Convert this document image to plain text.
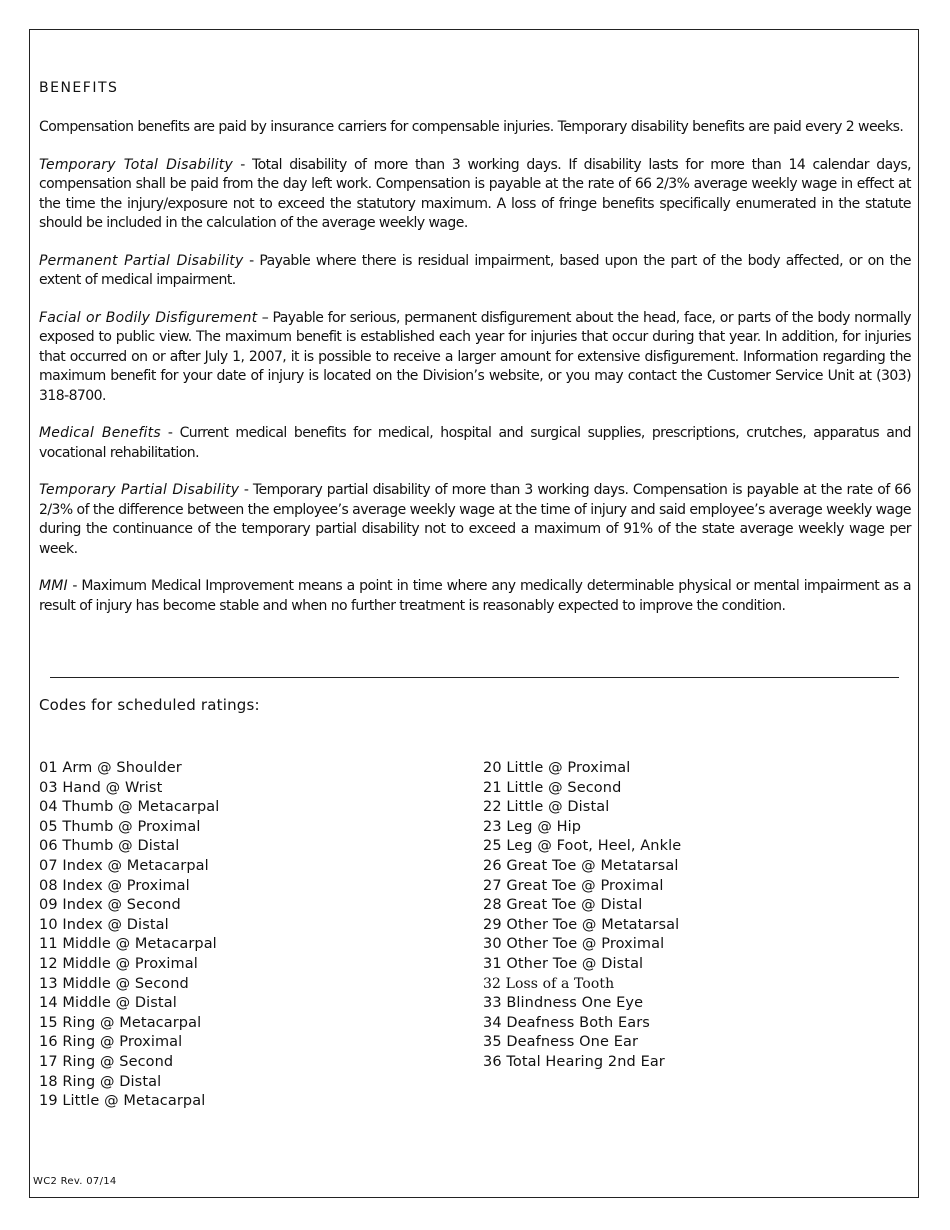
BENEFITS

Compensation benefits are paid by insurance carriers for compensable injuries. Temporary disability benefits are paid every 2 weeks.

Temporary Total Disability - Total disability of more than 3 working days. If disability lasts for more than 14 calendar days, compensation shall be paid from the day left work. Compensation is payable at the rate of 66 2/3% average weekly wage in effect at the time the injury/exposure not to exceed the statutory maximum. A loss of fringe benefits specifically enumerated in the statute should be included in the calculation of the average weekly wage.

Permanent Partial Disability - Payable where there is residual impairment, based upon the part of the body affected, or on the extent of medical impairment.

Facial or Bodily Disfigurement – Payable for serious, permanent disfigurement about the head, face, or parts of the body normally exposed to public view. The maximum benefit is established each year for injuries that occur during that year. In addition, for injuries that occurred on or after July 1, 2007, it is possible to receive a larger amount for extensive disfigurement. Information regarding the maximum benefit for your date of injury is located on the Division’s website, or you may contact the Customer Service Unit at (303) 318-8700.

Medical Benefits - Current medical benefits for medical, hospital and surgical supplies, prescriptions, crutches, apparatus and vocational rehabilitation.

Temporary Partial Disability - Temporary partial disability of more than 3 working days. Compensation is payable at the rate of 66 2/3% of the difference between the employee’s average weekly wage at the time of injury and said employee’s average weekly wage during the continuance of the temporary partial disability not to exceed a maximum of 91% of the state average weekly wage per week.

MMI - Maximum Medical Improvement means a point in time where any medically determinable physical or mental impairment as a result of injury has become stable and when no further treatment is reasonably expected to improve the condition.

Codes for scheduled ratings:
01 Arm @ Shoulder
03 Hand @ Wrist
04 Thumb @ Metacarpal
05 Thumb @ Proximal
06 Thumb @ Distal
07 Index @ Metacarpal
08 Index @ Proximal
09 Index @ Second
10 Index @ Distal
11 Middle @ Metacarpal
12 Middle @ Proximal
13 Middle @ Second
14 Middle @ Distal
15 Ring @ Metacarpal
16 Ring @ Proximal
17 Ring @ Second
18 Ring @ Distal
19 Little @ Metacarpal
20 Little @ Proximal
21 Little @ Second
22 Little @ Distal
23 Leg @ Hip
25 Leg @ Foot, Heel, Ankle
26 Great Toe @ Metatarsal
27 Great Toe @ Proximal
28 Great Toe @ Distal
29 Other Toe @ Metatarsal
30 Other Toe @ Proximal
31 Other Toe @ Distal
32 Loss of a Tooth
33 Blindness One Eye
34 Deafness Both Ears
35 Deafness One Ear
36 Total Hearing 2nd Ear
WC2 Rev. 07/14
